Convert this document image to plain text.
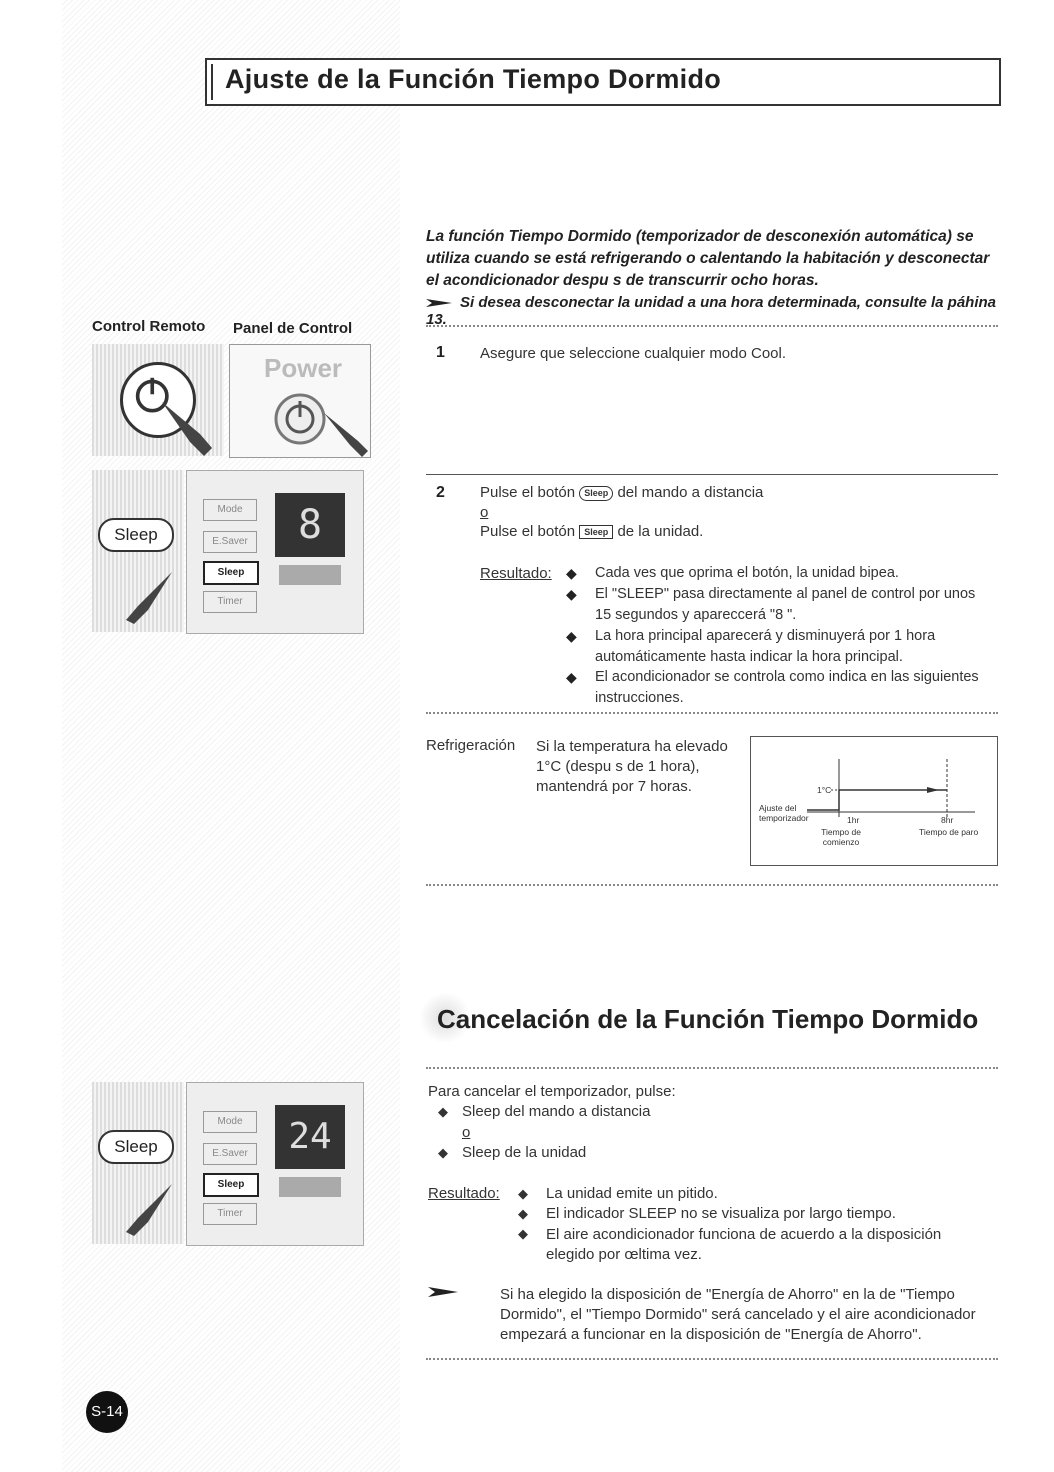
Ajuste de la Función Tiempo Dormido
La función Tiempo Dormido (temporizador de desconexión automática) se utiliza cuando se está refrigerando o calentando la habitación y desconectar el acondicionador despu s de transcurrir ocho horas.
Si desea desconectar la unidad a una hora determinada, consulte la páhina 13.
Control Remoto Panel de Control
Power
Sleep
Mode
E.Saver
Sleep
Timer
8
1 Asegure que seleccione cualquier modo Cool.
2 Pulse el botón Sleep del mando a distancia
o
Pulse el botón Sleep de la unidad.
Resultado: ◆ Cada ves que oprima el botón, la unidad bipea.
◆ El "SLEEP" pasa directamente al panel de control por unos 15 segundos y apareccerá "8 ".
◆ La hora principal aparecerá y disminuyerá por 1 hora automáticamente hasta indicar la hora principal.
◆ El acondicionador se controla como indica en las siguientes instrucciones.
Refrigeración Si la temperatura ha elevado 1°C (despu s de 1 hora), mantendrá por 7 horas.	1°C
Ajuste del temporizador	1hr	8hr
Tiempo de comienzo
Tiempo de paro
Cancelación de la Función Tiempo Dormido
Para cancelar el temporizador, pulse:
◆ Sleep del mando a distancia
o
◆ Sleep de la unidad
Resultado: ◆ La unidad emite un pitido.
◆ El indicador SLEEP no se visualiza por largo tiempo.
◆ El aire acondicionador funciona de acuerdo a la disposición elegido por œltima vez.
Si ha elegido la disposición de "Energía de Ahorro" en la de "Tiempo Dormido", el "Tiempo Dormido" será cancelado y el aire acondicionador empezará a funcionar en la disposición de "Energía de Ahorro".
Sleep
Mode
E.Saver
Sleep
Timer
24
S-14
